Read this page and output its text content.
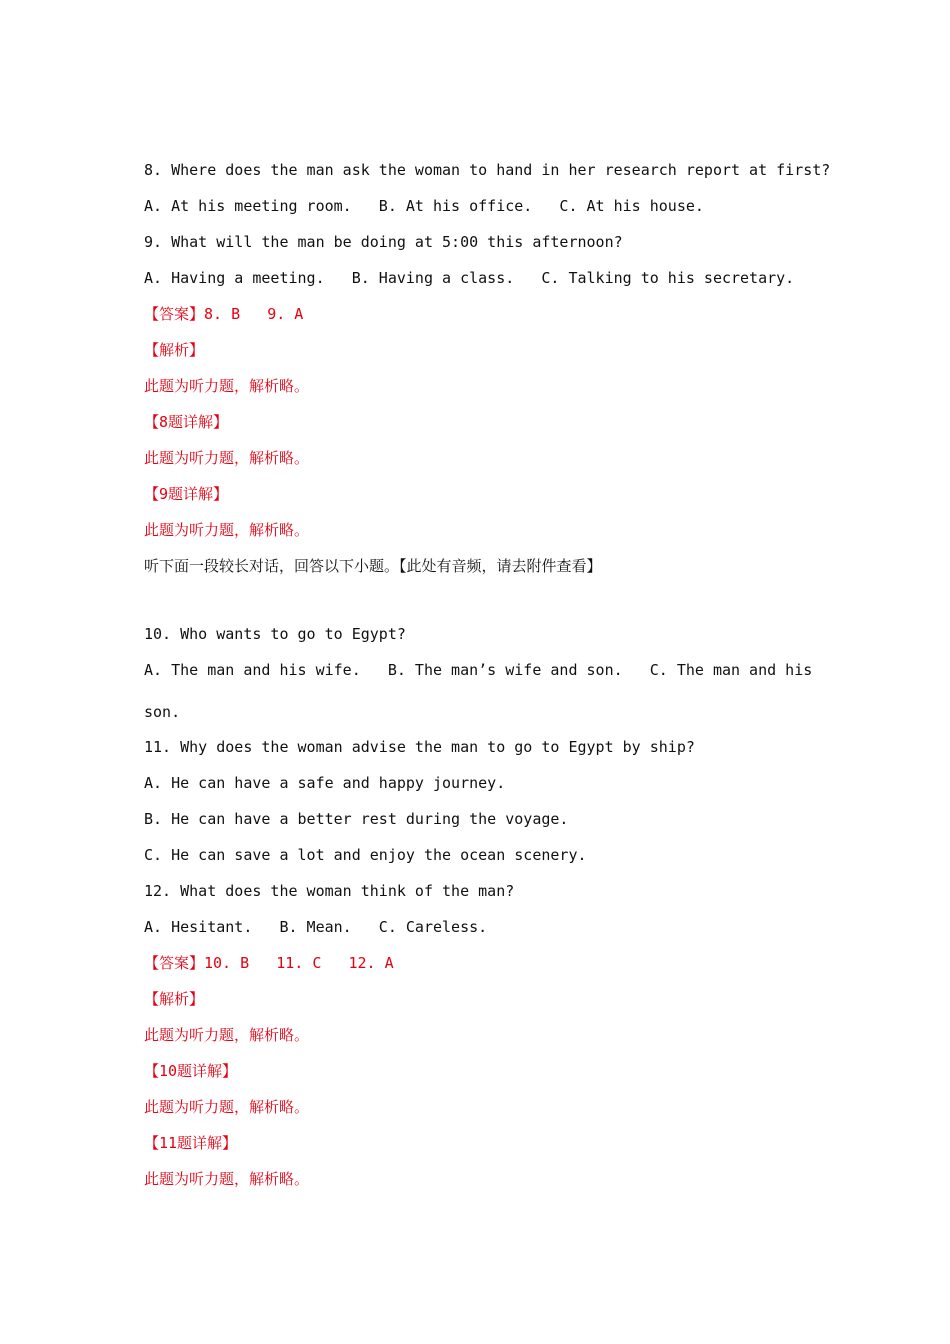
8. Where does the man ask the woman to hand in her research report at first?
A. At his meeting room.   B. At his office.   C. At his house.
9. What will the man be doing at 5:00 this afternoon?
A. Having a meeting.   B. Having a class.   C. Talking to his secretary.
【答案】8. B   9. A
【解析】
此题为听力题，解析略。
【8题详解】
此题为听力题，解析略。
【9题详解】
此题为听力题，解析略。
听下面一段较长对话，回答以下小题。【此处有音频，请去附件查看】
10. Who wants to go to Egypt?
A. The man and his wife.   B. The man’s wife and son.   C. The man and his
son.
11. Why does the woman advise the man to go to Egypt by ship?
A. He can have a safe and happy journey.
B. He can have a better rest during the voyage.
C. He can save a lot and enjoy the ocean scenery.
12. What does the woman think of the man?
A. Hesitant.   B. Mean.   C. Careless.
【答案】10. B   11. C   12. A
【解析】
此题为听力题，解析略。
【10题详解】
此题为听力题，解析略。
【11题详解】
此题为听力题，解析略。
